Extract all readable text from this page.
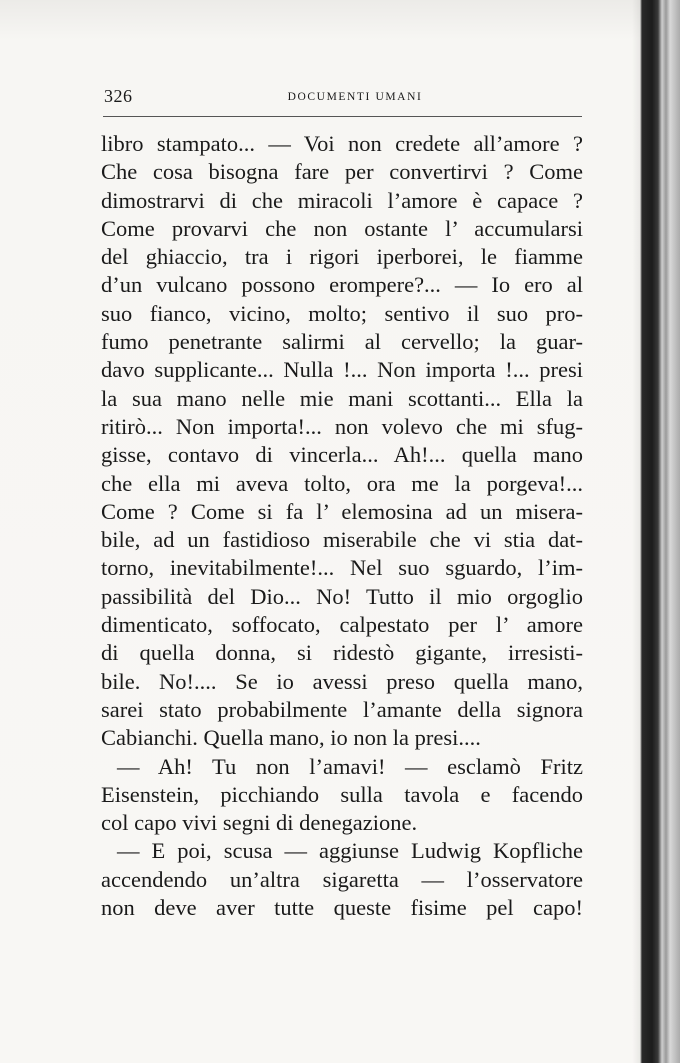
326	DOCUMENTI UMANI
libro stampato... — Voi non credete all’amore ?
Che cosa bisogna fare per convertirvi ? Come
dimostrarvi di che miracoli l’amore è capace ?
Come provarvi che non ostante l’ accumularsi
del ghiaccio, tra i rigori iperborei, le fiamme
d’un vulcano possono erompere?... — Io ero al
suo fianco, vicino, molto; sentivo il suo pro-
fumo penetrante salirmi al cervello; la guar-
davo supplicante... Nulla !... Non importa !... presi
la sua mano nelle mie mani scottanti... Ella la
ritirò... Non importa!... non volevo che mi sfug-
gisse, contavo di vincerla... Ah!... quella mano
che ella mi aveva tolto, ora me la porgeva!...
Come ? Come si fa l’ elemosina ad un misera-
bile, ad un fastidioso miserabile che vi stia dat-
torno, inevitabilmente!... Nel suo sguardo, l’im-
passibilità del Dio... No! Tutto il mio orgoglio
dimenticato, soffocato, calpestato per l’ amore
di quella donna, si ridestò gigante, irresisti-
bile. No!.... Se io avessi preso quella mano,
sarei stato probabilmente l’amante della signora
Cabianchi. Quella mano, io non la presi....
— Ah! Tu non l’amavi! — esclamò Fritz
Eisenstein, picchiando sulla tavola e facendo
col capo vivi segni di denegazione.
— E poi, scusa — aggiunse Ludwig Kopfliche
accendendo un’altra sigaretta — l’osservatore
non deve aver tutte queste fisime pel capo!
